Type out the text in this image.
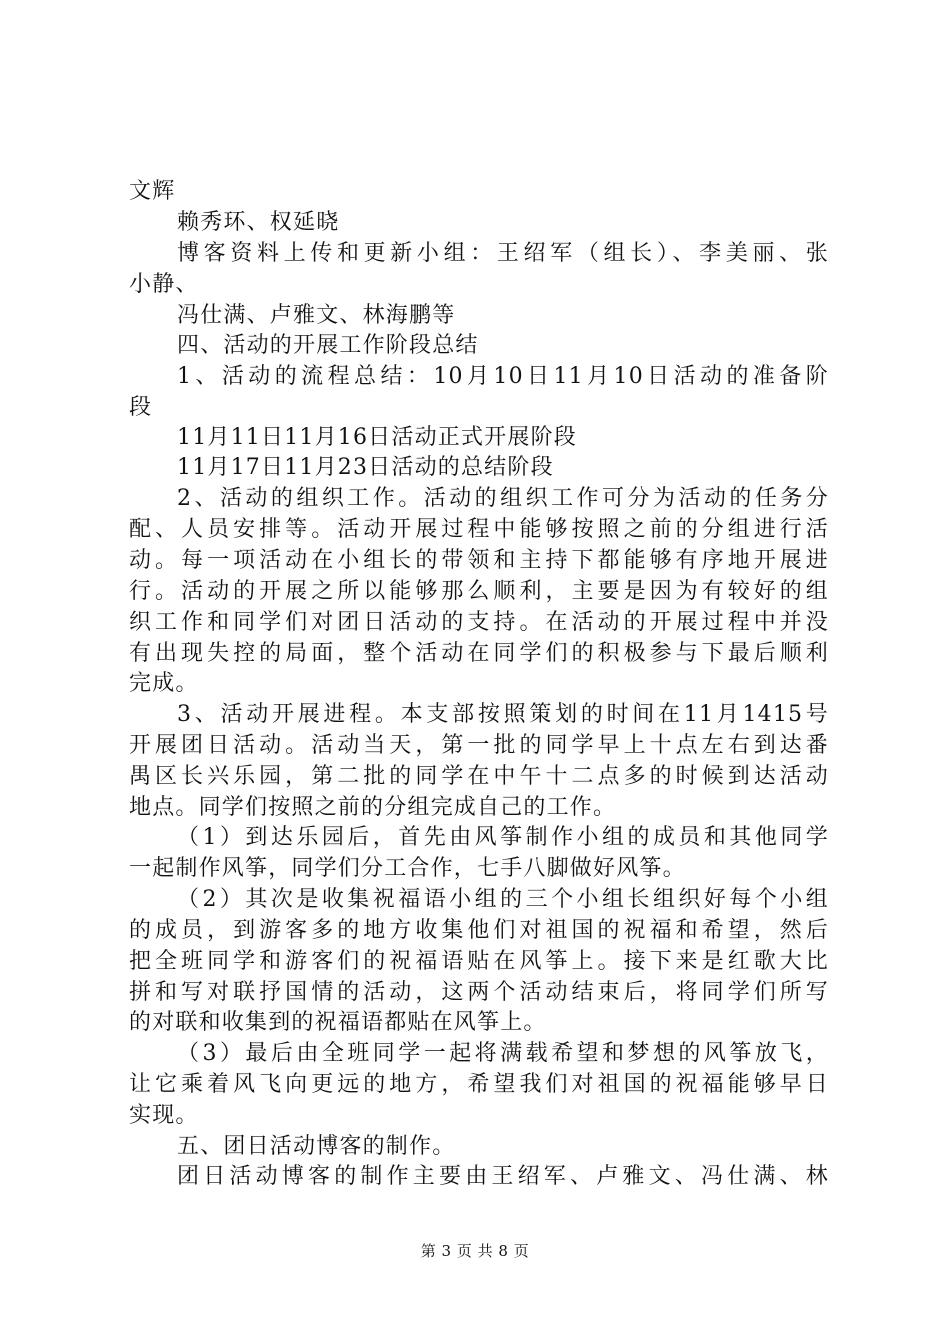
文辉
赖秀环、权延晓
博客资料上传和更新小组：王绍军（组长）、李美丽、张
小静、
冯仕满、卢雅文、林海鹏等
四、活动的开展工作阶段总结
1、活动的流程总结：10月10日11月10日活动的准备阶
段
11月11日11月16日活动正式开展阶段
11月17日11月23日活动的总结阶段
2、活动的组织工作。活动的组织工作可分为活动的任务分
配、人员安排等。活动开展过程中能够按照之前的分组进行活
动。每一项活动在小组长的带领和主持下都能够有序地开展进
行。活动的开展之所以能够那么顺利，主要是因为有较好的组
织工作和同学们对团日活动的支持。在活动的开展过程中并没
有出现失控的局面，整个活动在同学们的积极参与下最后顺利
完成。
3、活动开展进程。本支部按照策划的时间在11月1415号
开展团日活动。活动当天，第一批的同学早上十点左右到达番
禺区长兴乐园，第二批的同学在中午十二点多的时候到达活动
地点。同学们按照之前的分组完成自己的工作。
（1）到达乐园后，首先由风筝制作小组的成员和其他同学
一起制作风筝，同学们分工合作，七手八脚做好风筝。
（2）其次是收集祝福语小组的三个小组长组织好每个小组
的成员，到游客多的地方收集他们对祖国的祝福和希望，然后
把全班同学和游客们的祝福语贴在风筝上。接下来是红歌大比
拼和写对联抒国情的活动，这两个活动结束后，将同学们所写
的对联和收集到的祝福语都贴在风筝上。
（3）最后由全班同学一起将满载希望和梦想的风筝放飞，
让它乘着风飞向更远的地方，希望我们对祖国的祝福能够早日
实现。
五、团日活动博客的制作。
团日活动博客的制作主要由王绍军、卢雅文、冯仕满、林
第 3 页 共 8 页
